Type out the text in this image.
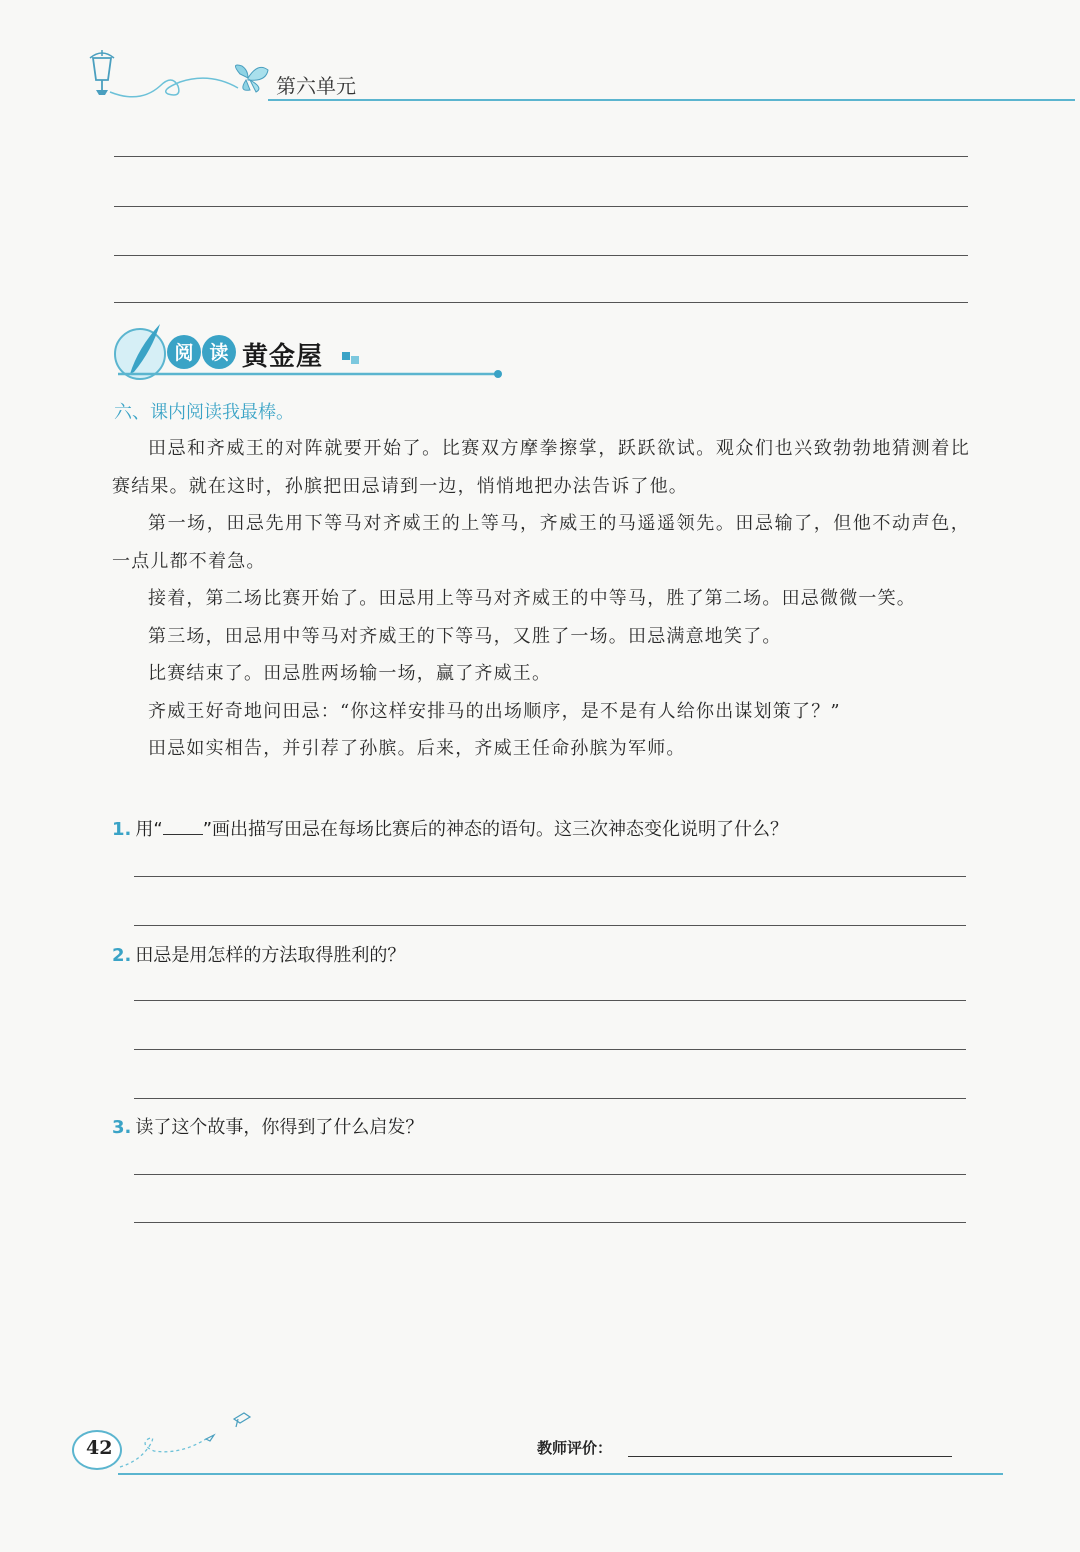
第六单元
阅 读 黄金屋
六、课内阅读我最棒。

田忌和齐威王的对阵就要开始了。比赛双方摩拳擦掌，跃跃欲试。观众们也兴致勃勃地猜测着比赛结果。就在这时，孙膑把田忌请到一边，悄悄地把办法告诉了他。

第一场，田忌先用下等马对齐威王的上等马，齐威王的马遥遥领先。田忌输了，但他不动声色，一点儿都不着急。

接着，第二场比赛开始了。田忌用上等马对齐威王的中等马，胜了第二场。田忌微微一笑。

第三场，田忌用中等马对齐威王的下等马，又胜了一场。田忌满意地笑了。

比赛结束了。田忌胜两场输一场，赢了齐威王。

齐威王好奇地问田忌：“你这样安排马的出场顺序，是不是有人给你出谋划策了？”

田忌如实相告，并引荐了孙膑。后来，齐威王任命孙膑为军师。

1. 用“ ”画出描写田忌在每场比赛后的神态的语句。这三次神态变化说明了什么？
2. 田忌是用怎样的方法取得胜利的？
3. 读了这个故事，你得到了什么启发？
42	教师评价：
